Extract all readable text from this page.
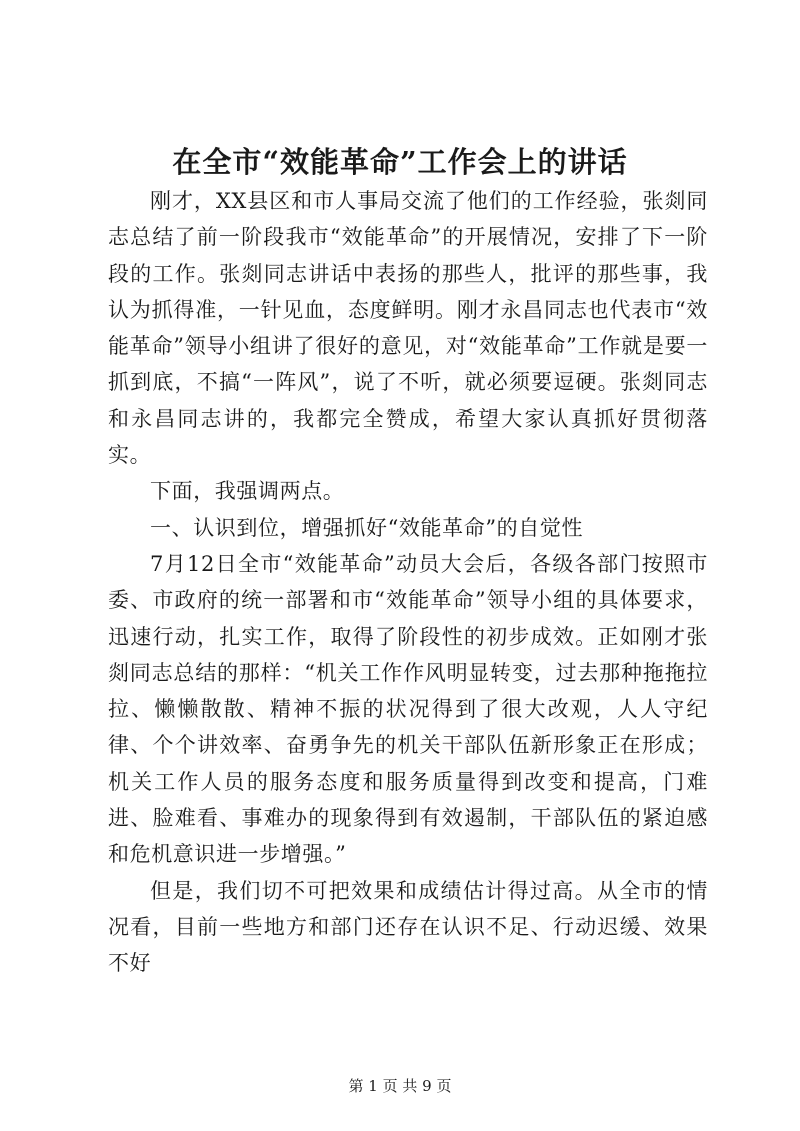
在全市“效能革命”工作会上的讲话

刚才，XX县区和市人事局交流了他们的工作经验，张剡同志总结了前一阶段我市“效能革命”的开展情况，安排了下一阶段的工作。张剡同志讲话中表扬的那些人，批评的那些事，我认为抓得准，一针见血，态度鲜明。刚才永昌同志也代表市“效能革命”领导小组讲了很好的意见，对“效能革命”工作就是要一抓到底，不搞“一阵风”，说了不听，就必须要逗硬。张剡同志和永昌同志讲的，我都完全赞成，希望大家认真抓好贯彻落实。

下面，我强调两点。

一、认识到位，增强抓好“效能革命”的自觉性

7月12日全市“效能革命”动员大会后，各级各部门按照市委、市政府的统一部署和市“效能革命”领导小组的具体要求，迅速行动，扎实工作，取得了阶段性的初步成效。正如刚才张剡同志总结的那样：“机关工作作风明显转变，过去那种拖拖拉拉、懒懒散散、精神不振的状况得到了很大改观，人人守纪律、个个讲效率、奋勇争先的机关干部队伍新形象正在形成；机关工作人员的服务态度和服务质量得到改变和提高，门难进、脸难看、事难办的现象得到有效遏制，干部队伍的紧迫感和危机意识进一步增强。”

但是，我们切不可把效果和成绩估计得过高。从全市的情况看，目前一些地方和部门还存在认识不足、行动迟缓、效果不好

第 1 页 共 9 页
